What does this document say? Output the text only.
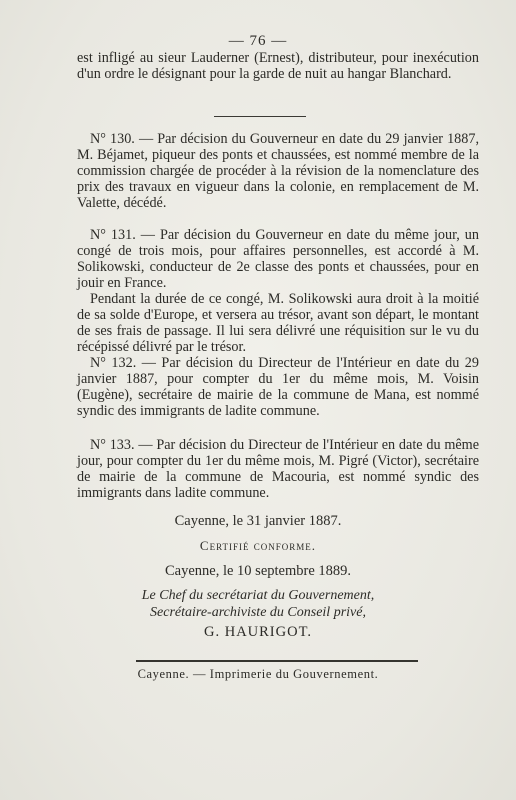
— 76 —

est infligé au sieur Lauderner (Ernest), distributeur, pour inexécution d'un ordre le désignant pour la garde de nuit au hangar Blanchard.

N° 130. — Par décision du Gouverneur en date du 29 janvier 1887, M. Béjamet, piqueur des ponts et chaussées, est nommé membre de la commission chargée de procéder à la révision de la nomenclature des prix des travaux en vigueur dans la colonie, en remplacement de M. Valette, décédé.

N° 131. — Par décision du Gouverneur en date du même jour, un congé de trois mois, pour affaires personnelles, est accordé à M. Solikowski, conducteur de 2e classe des ponts et chaussées, pour en jouir en France.

Pendant la durée de ce congé, M. Solikowski aura droit à la moitié de sa solde d'Europe, et versera au trésor, avant son départ, le montant de ses frais de passage. Il lui sera délivré une réquisition sur le vu du récépissé délivré par le trésor.

N° 132. — Par décision du Directeur de l'Intérieur en date du 29 janvier 1887, pour compter du 1er du même mois, M. Voisin (Eugène), secrétaire de mairie de la commune de Mana, est nommé syndic des immigrants de ladite commune.

N° 133. — Par décision du Directeur de l'Intérieur en date du même jour, pour compter du 1er du même mois, M. Pigré (Victor), secrétaire de mairie de la commune de Macouria, est nommé syndic des immigrants dans ladite commune.

Cayenne, le 31 janvier 1887.
Certifié conforme.
Cayenne, le 10 septembre 1889.
Le Chef du secrétariat du Gouvernement,
Secrétaire-archiviste du Conseil privé,
G. HAURIGOT.
Cayenne. — Imprimerie du Gouvernement.
